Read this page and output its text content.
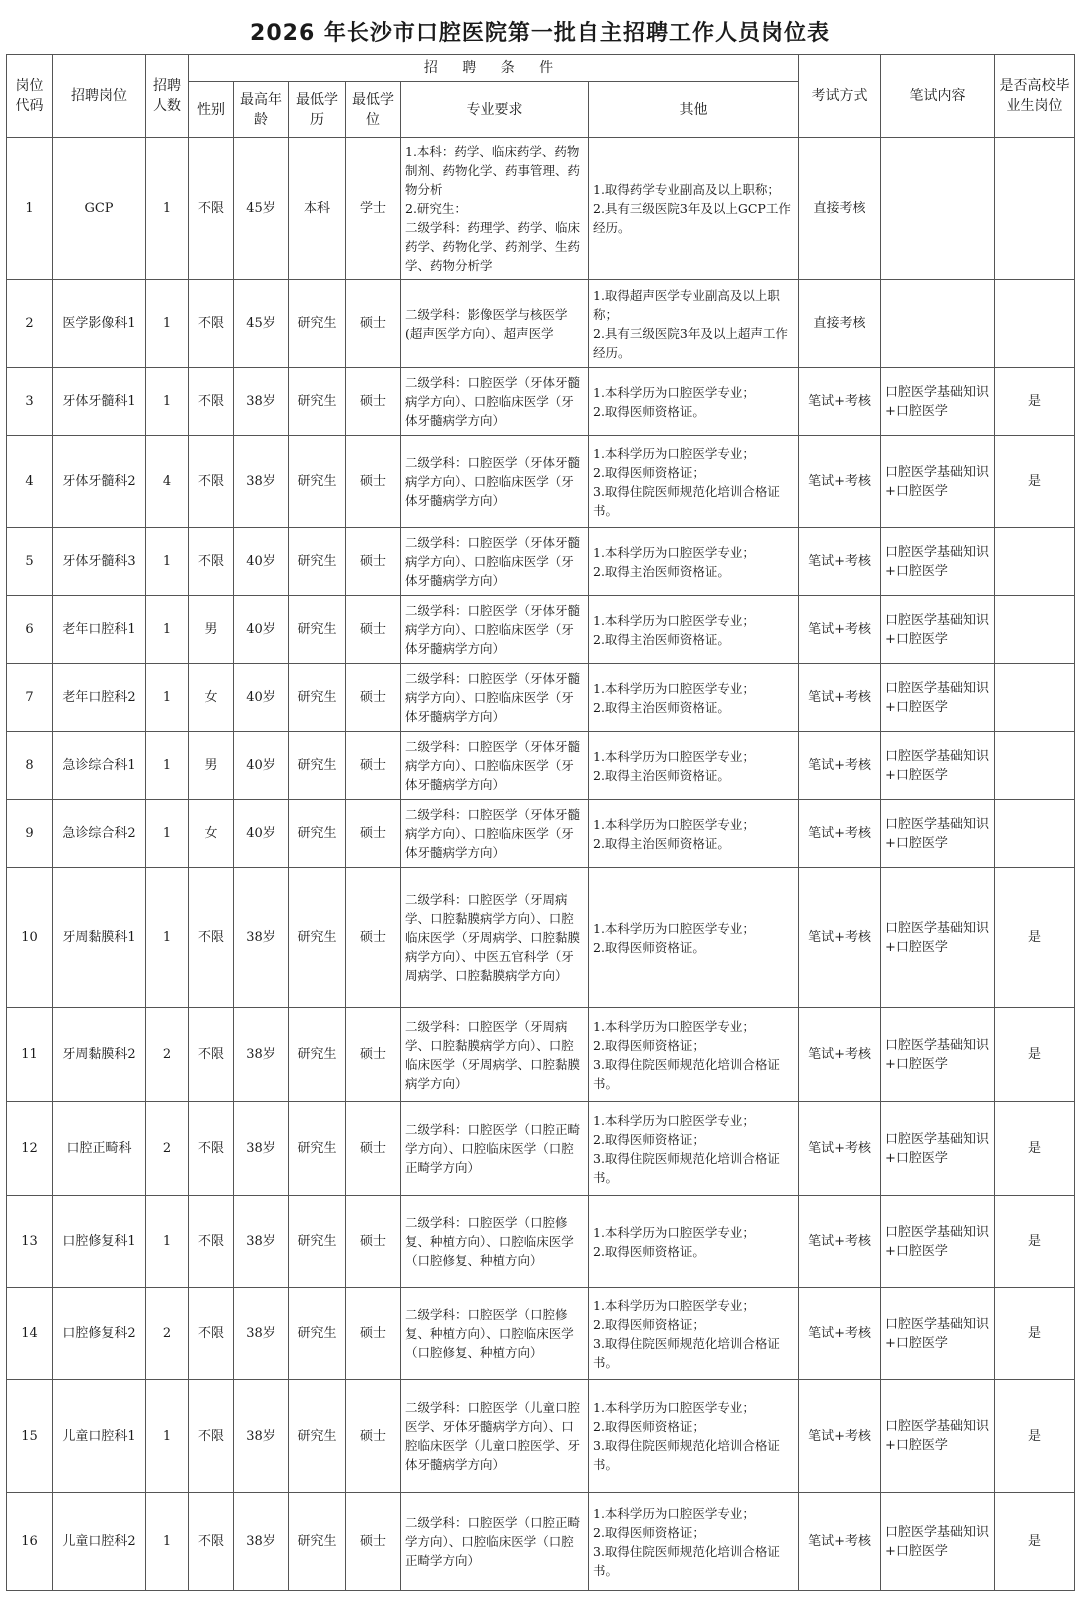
2026 年长沙市口腔医院第一批自主招聘工作人员岗位表
岗位代码	招聘岗位	招聘人数	招 聘 条 件						考试方式	笔试内容	是否高校毕业生岗位
			性别	最高年龄	最低学历	最低学位	专业要求	其他			
1	GCP	1	不限	45岁	本科	学士	1.本科：药学、临床药学、药物制剂、药物化学、药事管理、药物分析
2.研究生：
二级学科：药理学、药学、临床药学、药物化学、药剂学、生药学、药物分析学	1.取得药学专业副高及以上职称；
2.具有三级医院3年及以上GCP工作经历。	直接考核		
2	医学影像科1	1	不限	45岁	研究生	硕士	二级学科：影像医学与核医学(超声医学方向）、超声医学	1.取得超声医学专业副高及以上职称；
2.具有三级医院3年及以上超声工作经历。	直接考核		
3	牙体牙髓科1	1	不限	38岁	研究生	硕士	二级学科：口腔医学（牙体牙髓病学方向）、口腔临床医学（牙体牙髓病学方向）	1.本科学历为口腔医学专业；
2.取得医师资格证。	笔试+考核	口腔医学基础知识+口腔医学	是
4	牙体牙髓科2	4	不限	38岁	研究生	硕士	二级学科：口腔医学（牙体牙髓病学方向）、口腔临床医学（牙体牙髓病学方向）	1.本科学历为口腔医学专业；
2.取得医师资格证；
3.取得住院医师规范化培训合格证书。	笔试+考核	口腔医学基础知识+口腔医学	是
5	牙体牙髓科3	1	不限	40岁	研究生	硕士	二级学科：口腔医学（牙体牙髓病学方向）、口腔临床医学（牙体牙髓病学方向）	1.本科学历为口腔医学专业；
2.取得主治医师资格证。	笔试+考核	口腔医学基础知识+口腔医学	
6	老年口腔科1	1	男	40岁	研究生	硕士	二级学科：口腔医学（牙体牙髓病学方向）、口腔临床医学（牙体牙髓病学方向）	1.本科学历为口腔医学专业；
2.取得主治医师资格证。	笔试+考核	口腔医学基础知识+口腔医学	
7	老年口腔科2	1	女	40岁	研究生	硕士	二级学科：口腔医学（牙体牙髓病学方向）、口腔临床医学（牙体牙髓病学方向）	1.本科学历为口腔医学专业；
2.取得主治医师资格证。	笔试+考核	口腔医学基础知识+口腔医学	
8	急诊综合科1	1	男	40岁	研究生	硕士	二级学科：口腔医学（牙体牙髓病学方向）、口腔临床医学（牙体牙髓病学方向）	1.本科学历为口腔医学专业；
2.取得主治医师资格证。	笔试+考核	口腔医学基础知识+口腔医学	
9	急诊综合科2	1	女	40岁	研究生	硕士	二级学科：口腔医学（牙体牙髓病学方向）、口腔临床医学（牙体牙髓病学方向）	1.本科学历为口腔医学专业；
2.取得主治医师资格证。	笔试+考核	口腔医学基础知识+口腔医学	
10	牙周黏膜科1	1	不限	38岁	研究生	硕士	二级学科：口腔医学（牙周病学、口腔黏膜病学方向）、口腔临床医学（牙周病学、口腔黏膜病学方向）、中医五官科学（牙周病学、口腔黏膜病学方向）	1.本科学历为口腔医学专业；
2.取得医师资格证。	笔试+考核	口腔医学基础知识+口腔医学	是
11	牙周黏膜科2	2	不限	38岁	研究生	硕士	二级学科：口腔医学（牙周病学、口腔黏膜病学方向）、口腔临床医学（牙周病学、口腔黏膜病学方向）	1.本科学历为口腔医学专业；
2.取得医师资格证；
3.取得住院医师规范化培训合格证书。	笔试+考核	口腔医学基础知识+口腔医学	是
12	口腔正畸科	2	不限	38岁	研究生	硕士	二级学科：口腔医学（口腔正畸学方向）、口腔临床医学（口腔正畸学方向）	1.本科学历为口腔医学专业；
2.取得医师资格证；
3.取得住院医师规范化培训合格证书。	笔试+考核	口腔医学基础知识+口腔医学	是
13	口腔修复科1	1	不限	38岁	研究生	硕士	二级学科：口腔医学（口腔修复、种植方向）、口腔临床医学（口腔修复、种植方向）	1.本科学历为口腔医学专业；
2.取得医师资格证。	笔试+考核	口腔医学基础知识+口腔医学	是
14	口腔修复科2	2	不限	38岁	研究生	硕士	二级学科：口腔医学（口腔修复、种植方向）、口腔临床医学（口腔修复、种植方向）	1.本科学历为口腔医学专业；
2.取得医师资格证；
3.取得住院医师规范化培训合格证书。	笔试+考核	口腔医学基础知识+口腔医学	是
15	儿童口腔科1	1	不限	38岁	研究生	硕士	二级学科：口腔医学（儿童口腔医学、牙体牙髓病学方向）、口腔临床医学（儿童口腔医学、牙体牙髓病学方向）	1.本科学历为口腔医学专业；
2.取得医师资格证；
3.取得住院医师规范化培训合格证书。	笔试+考核	口腔医学基础知识+口腔医学	是
16	儿童口腔科2	1	不限	38岁	研究生	硕士	二级学科：口腔医学（口腔正畸学方向）、口腔临床医学（口腔正畸学方向）	1.本科学历为口腔医学专业；
2.取得医师资格证；
3.取得住院医师规范化培训合格证书。	笔试+考核	口腔医学基础知识+口腔医学	是
